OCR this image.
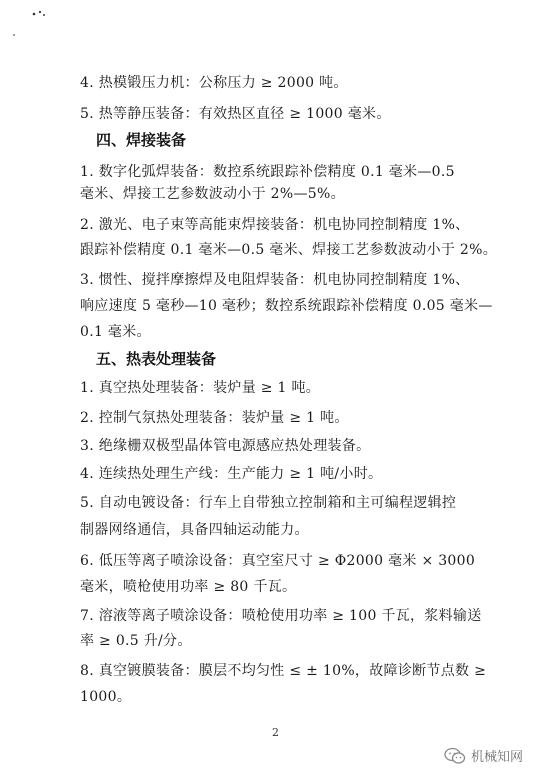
4. 热模锻压力机：公称压力 ≥ 2000 吨。
5. 热等静压装备：有效热区直径 ≥ 1000 毫米。
四、焊接装备
1. 数字化弧焊装备：数控系统跟踪补偿精度 0.1 毫米—0.5
毫米、焊接工艺参数波动小于 2%—5%。
2. 激光、电子束等高能束焊接装备：机电协同控制精度 1%、
跟踪补偿精度 0.1 毫米—0.5 毫米、焊接工艺参数波动小于 2%。
3. 惯性、搅拌摩擦焊及电阻焊装备：机电协同控制精度 1%、
响应速度 5 毫秒—10 毫秒；数控系统跟踪补偿精度 0.05 毫米—
0.1 毫米。
五、热表处理装备
1. 真空热处理装备：装炉量 ≥ 1 吨。
2. 控制气氛热处理装备：装炉量 ≥ 1 吨。
3. 绝缘栅双极型晶体管电源感应热处理装备。
4. 连续热处理生产线：生产能力 ≥ 1 吨/小时。
5. 自动电镀设备：行车上自带独立控制箱和主可编程逻辑控
制器网络通信，具备四轴运动能力。
6. 低压等离子喷涂设备：真空室尺寸 ≥ Φ2000 毫米 × 3000
毫米，喷枪使用功率 ≥ 80 千瓦。
7. 溶液等离子喷涂设备：喷枪使用功率 ≥ 100 千瓦，浆料输送
率 ≥ 0.5 升/分。
8. 真空镀膜装备：膜层不均匀性 ≤ ± 10%，故障诊断节点数 ≥
1000。
2
机械知网
